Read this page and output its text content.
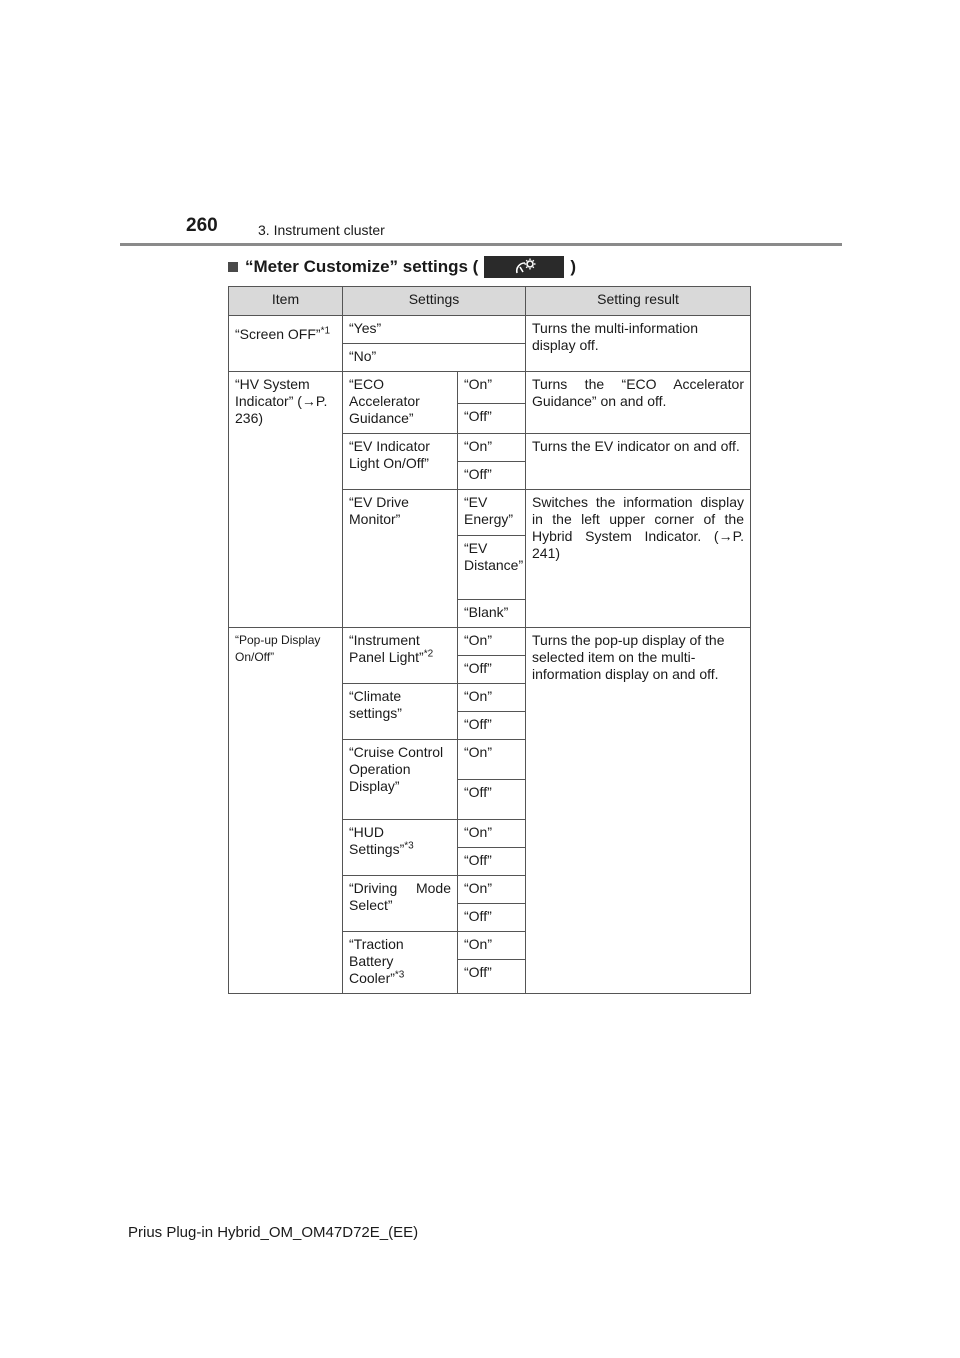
260	3. Instrument cluster
“Meter Customize” settings (	)
Item	Settings		Setting result
“Screen OFF”$^{*1}$	“Yes”		Turns the multi-information display off.
	“No”		
“HV System Indicator” (→P. 236)	“ECO Accelerator Guidance”	“On”	Turns the “ECO Accelerator Guidance” on and off.
		“Off”	
	“EV Indicator Light On/Off”	“On”	Turns the EV indicator on and off.
		“Off”	
	“EV Drive Monitor”	“EV Energy”	Switches the information display in the left upper corner of the Hybrid System Indicator. (→P. 241)
		“EV Distance”	
		“Blank”	
“Pop-up Display On/Off”	“Instrument Panel Light”$^{*2}$	“On”	Turns the pop-up display of the selected item on the multi-information display on and off.
		“Off”	
	“Climate settings”	“On”	
		“Off”	
	“Cruise Control Operation Display”	“On”	
		“Off”	
	“HUD Settings”$^{*3}$	“On”	
		“Off”	
	“Driving Mode Select”	“On”	
		“Off”	
	“Traction Battery Cooler”$^{*3}$	“On”	
		“Off”	
Prius Plug-in Hybrid_OM_OM47D72E_(EE)
